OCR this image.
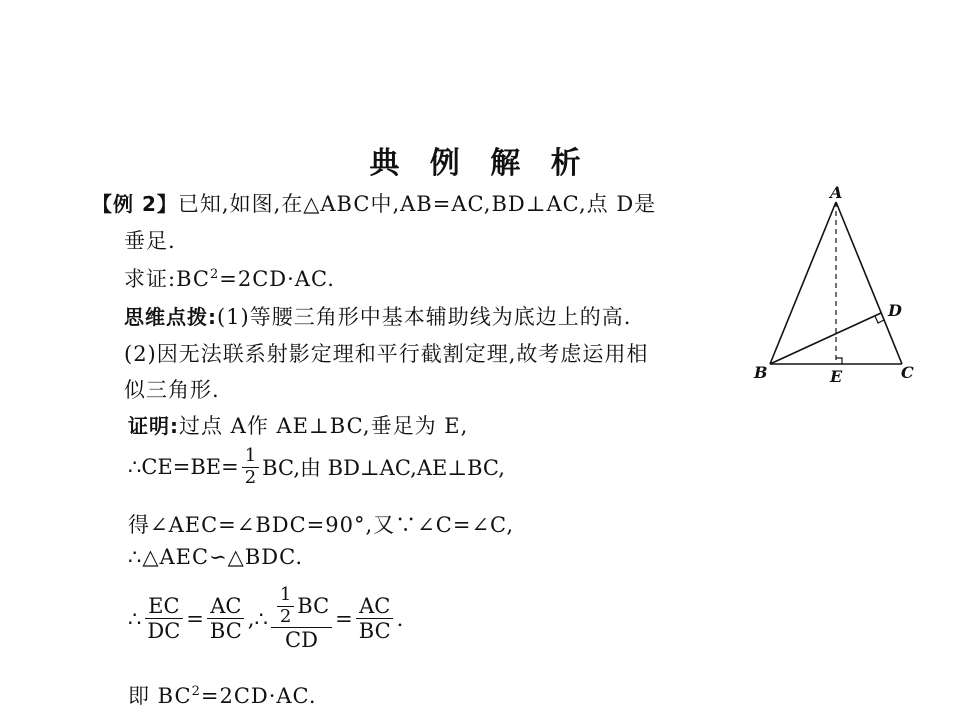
典 例 解 析
【例 2】已知,如图,在△ABC中,AB=AC,BD⊥AC,点 D是
垂足.
求证$:BC^2=2CD\cdot AC$.
思维点拨:(1)等腰三角形中基本辅助线为底边上的高.
(2)因无法联系射影定理和平行截割定理,故考虑运用相
似三角形.
证明:过点 A作 AE⊥BC,垂足为 E,
∴CE=BE= $\frac{1}{2}$ BC,由 BD⊥AC,AE⊥BC,
得∠AEC=∠BDC=90°,又∵∠C=∠C,
∴△AEC∽△BDC.
∴ $\frac{EC}{DC} = \frac{AC}{BC}$ ,∴ $\frac{\frac{1}{2} BC}{CD} = \frac{AC}{BC}$ .
即 $BC^2=2CD\cdot AC$.
A
B	C
D
E
